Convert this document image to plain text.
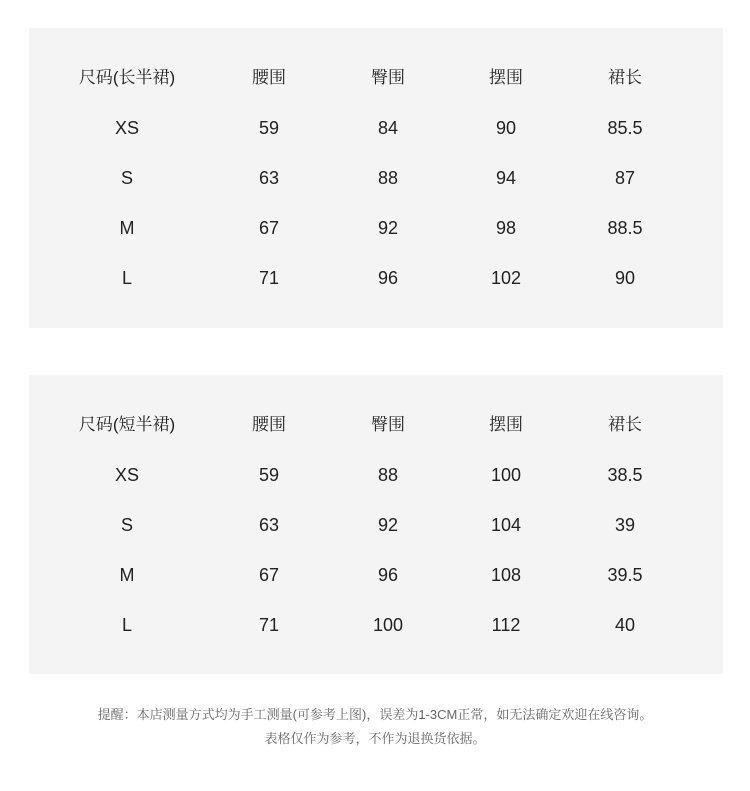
尺码(长半裙)	腰围	臀围	摆围	裙长
XS	59	84	90	85.5
S	63	88	94	87
M	67	92	98	88.5
L	71	96	102	90
尺码(短半裙)	腰围	臀围	摆围	裙长
XS	59	88	100	38.5
S	63	92	104	39
M	67	96	108	39.5
L	71	100	112	40
提醒：本店测量方式均为手工测量(可参考上图)，误差为1-3CM正常，如无法确定欢迎在线咨询。
表格仅作为参考，不作为退换货依据。
